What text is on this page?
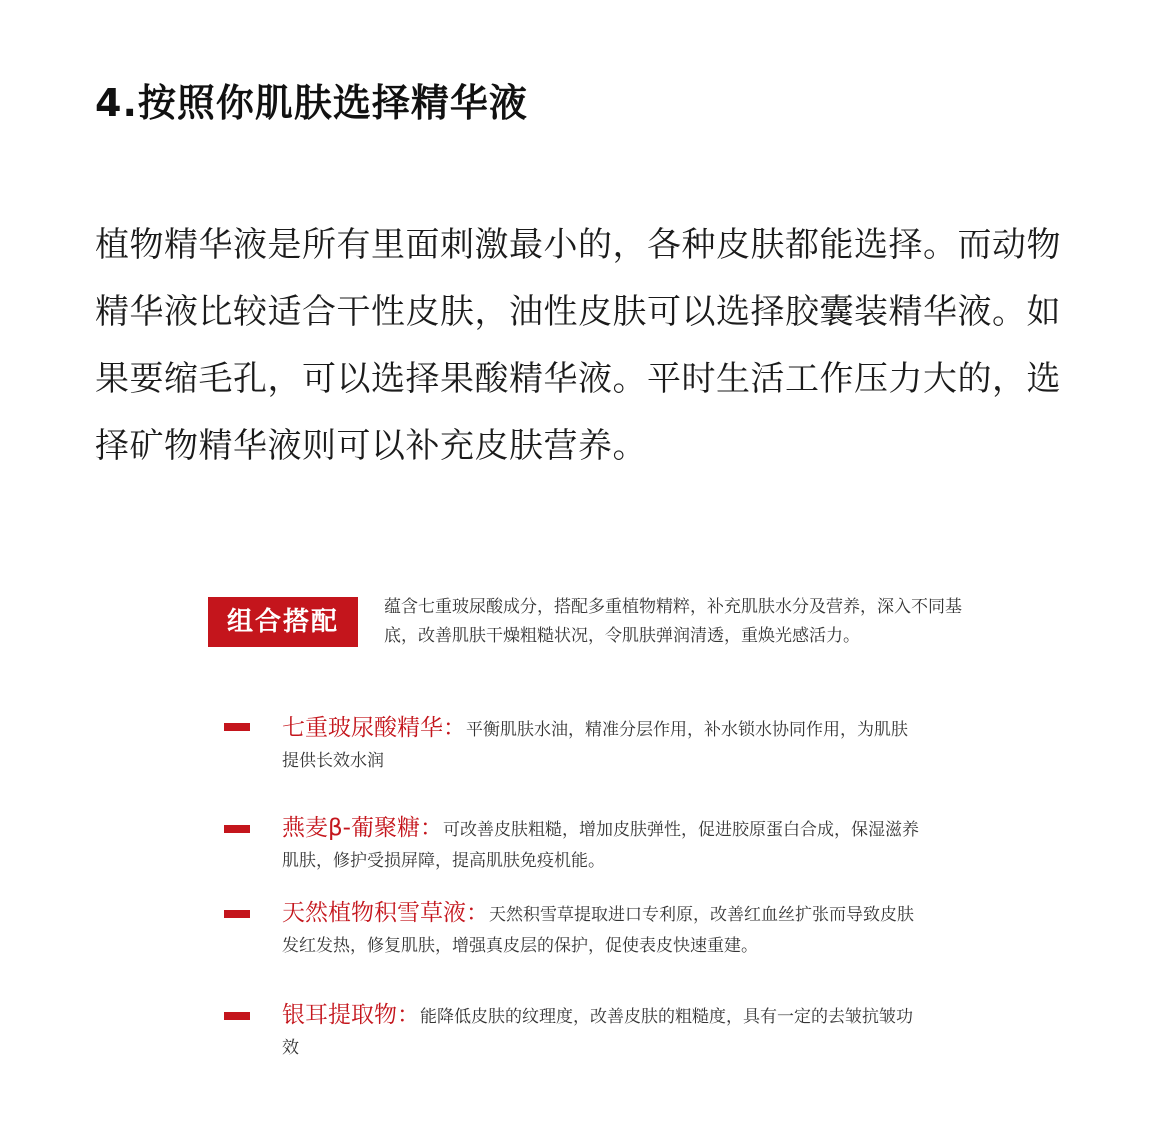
4.按照你肌肤选择精华液
植物精华液是所有里面刺激最小的，各种皮肤都能选择。而动物精华液比较适合干性皮肤，油性皮肤可以选择胶囊装精华液。如果要缩毛孔，可以选择果酸精华液。平时生活工作压力大的，选择矿物精华液则可以补充皮肤营养。
组合搭配	蕴含七重玻尿酸成分，搭配多重植物精粹，补充肌肤水分及营养，深入不同基底，改善肌肤干燥粗糙状况，令肌肤弹润清透，重焕光感活力。
七重玻尿酸精华：平衡肌肤水油，精准分层作用，补水锁水协同作用，为肌肤提供长效水润
燕麦β-葡聚糖：可改善皮肤粗糙，增加皮肤弹性，促进胶原蛋白合成，保湿滋养肌肤，修护受损屏障，提高肌肤免疫机能。
天然植物积雪草液：天然积雪草提取进口专利原，改善红血丝扩张而导致皮肤发红发热，修复肌肤，增强真皮层的保护，促使表皮快速重建。
银耳提取物：能降低皮肤的纹理度，改善皮肤的粗糙度，具有一定的去皱抗皱功效
